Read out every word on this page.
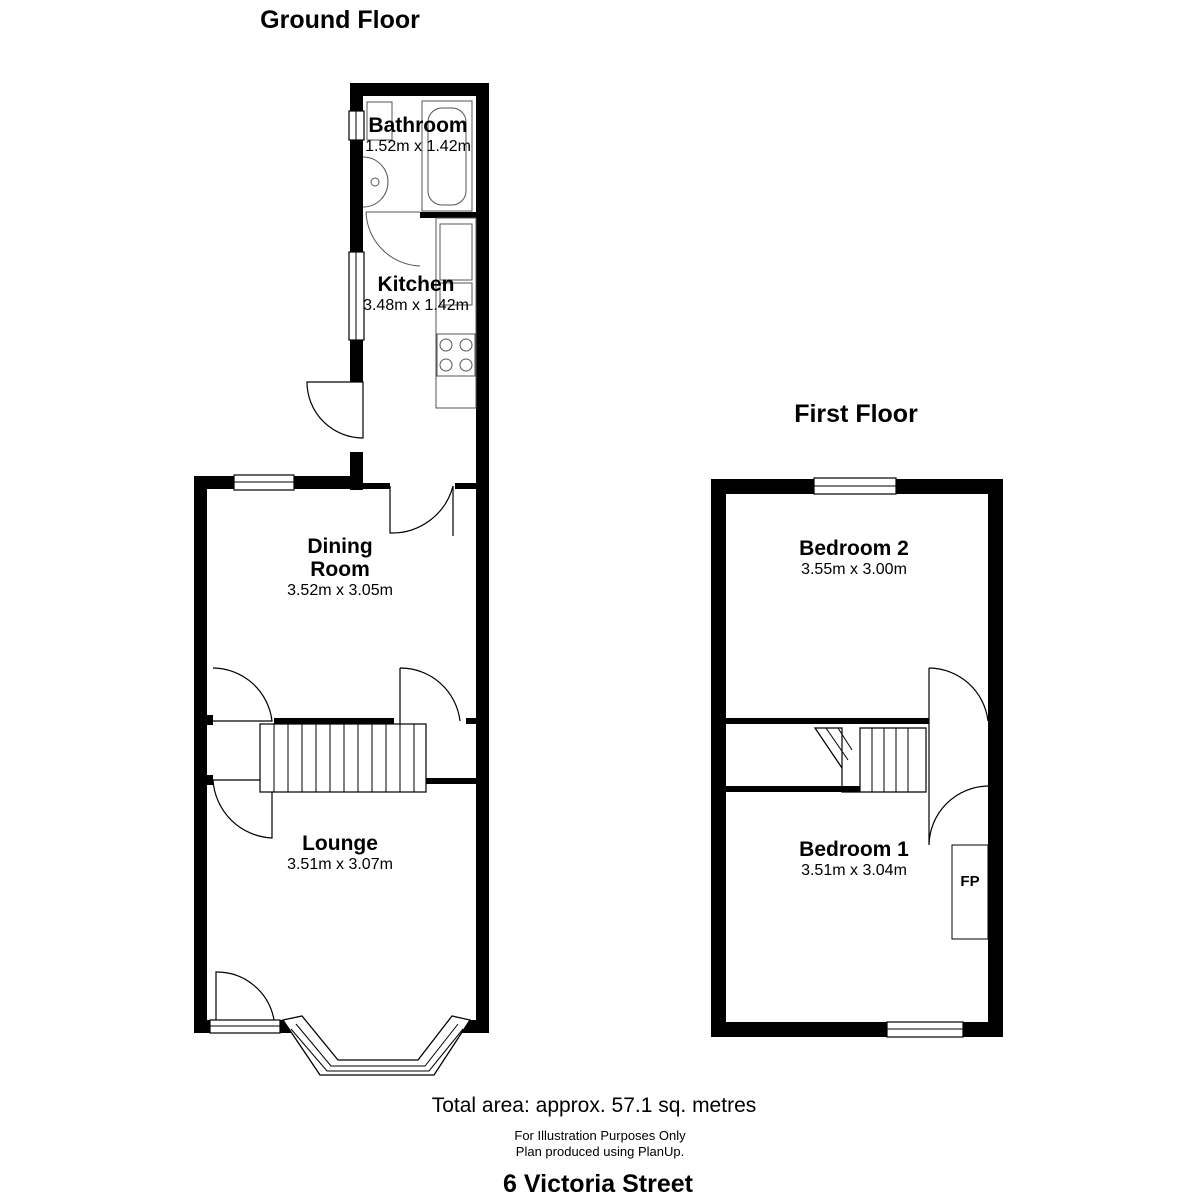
Ground Floor
Bathroom
1.52m x 1.42m
Kitchen
3.48m x 1.42m
Dining
Room
3.52m x 3.05m
Lounge
3.51m x 3.07m
First Floor
Bedroom 2
3.55m x 3.00m
Bedroom 1
3.51m x 3.04m
FP
Total area: approx. 57.1 sq. metres
For Illustration Purposes Only
Plan produced using PlanUp.
6 Victoria Street
